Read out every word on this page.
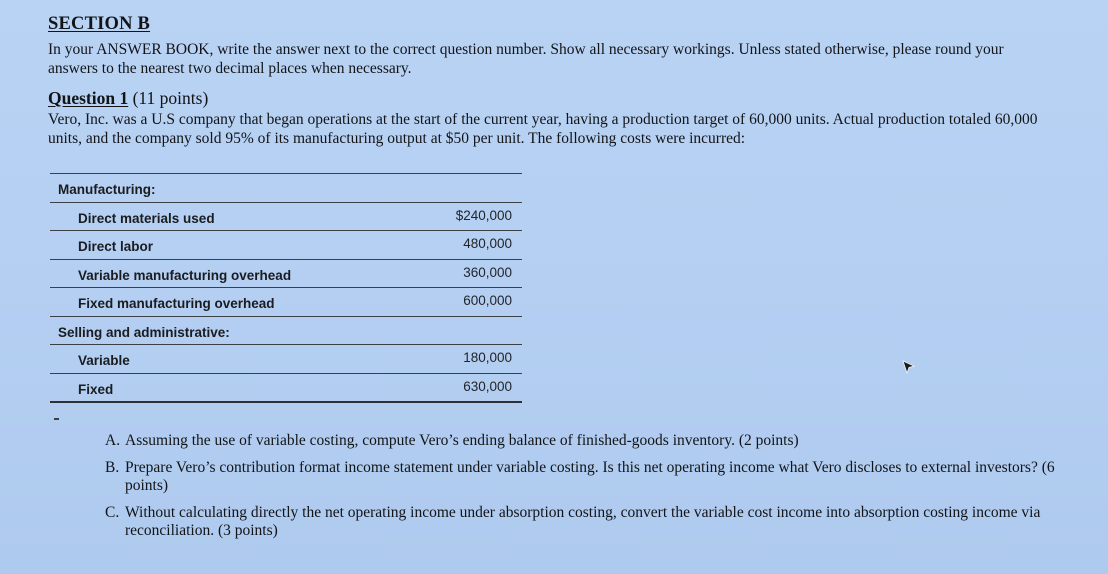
SECTION B
In your ANSWER BOOK, write the answer next to the correct question number. Show all necessary workings. Unless stated otherwise, please round your answers to the nearest two decimal places when necessary.
Question 1 (11 points)
Vero, Inc. was a U.S company that began operations at the start of the current year, having a production target of 60,000 units. Actual production totaled 60,000 units, and the company sold 95% of its manufacturing output at $50 per unit. The following costs were incurred:
Manufacturing:
Direct materials used	$240,000
Direct labor	480,000
Variable manufacturing overhead	360,000
Fixed manufacturing overhead	600,000
Selling and administrative:
Variable	180,000
Fixed	630,000
A. Assuming the use of variable costing, compute Vero’s ending balance of finished-goods inventory. (2 points)
B. Prepare Vero’s contribution format income statement under variable costing. Is this net operating income what Vero discloses to external investors? (6 points)
C. Without calculating directly the net operating income under absorption costing, convert the variable cost income into absorption costing income via reconciliation. (3 points)
